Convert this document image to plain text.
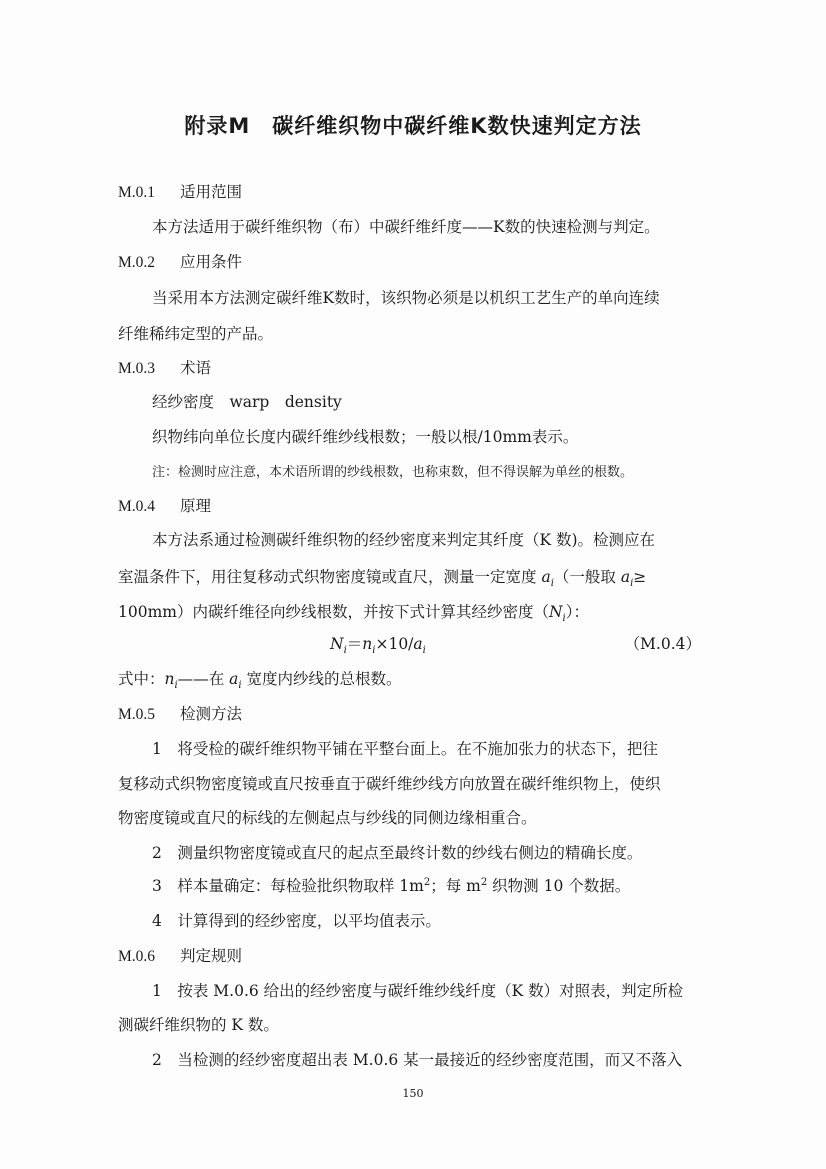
附录M　碳纤维织物中碳纤维K数快速判定方法
M.0.1 适用范围
本方法适用于碳纤维织物（布）中碳纤维纤度——K数的快速检测与判定。
M.0.2 应用条件
当采用本方法测定碳纤维K数时，该织物必须是以机织工艺生产的单向连续
纤维稀纬定型的产品。
M.0.3 术语
经纱密度　warp　density
织物纬向单位长度内碳纤维纱线根数；一般以根/10mm表示。
注：检测时应注意，本术语所谓的纱线根数，也称束数，但不得误解为单丝的根数。
M.0.4 原理
本方法系通过检测碳纤维织物的经纱密度来判定其纤度（K 数)。检测应在
室温条件下，用往复移动式织物密度镜或直尺，测量一定宽度 $a_i$（一般取 $a_i\ge$
100mm）内碳纤维径向纱线根数，并按下式计算其经纱密度$(N_i)$：
$N_i=n_i\times 10/a_i$	（M.0.4）
式中：$n_i——$在 $a_i$ 宽度内纱线的总根数。
M.0.5 检测方法
1　将受检的碳纤维织物平铺在平整台面上。在不施加张力的状态下，把往
复移动式织物密度镜或直尺按垂直于碳纤维纱线方向放置在碳纤维织物上，使织
物密度镜或直尺的标线的左侧起点与纱线的同侧边缘相重合。
2　测量织物密度镜或直尺的起点至最终计数的纱线右侧边的精确长度。
3　样本量确定：每检验批织物取样 $1m^2$；每 $m^2$ 织物测 10 个数据。
4　计算得到的经纱密度，以平均值表示。
M.0.6 判定规则
1　按表 M.0.6 给出的经纱密度与碳纤维纱线纤度（K 数）对照表，判定所检
测碳纤维织物的 K 数。
2　当检测的经纱密度超出表 M.0.6 某一最接近的经纱密度范围，而又不落入
150
